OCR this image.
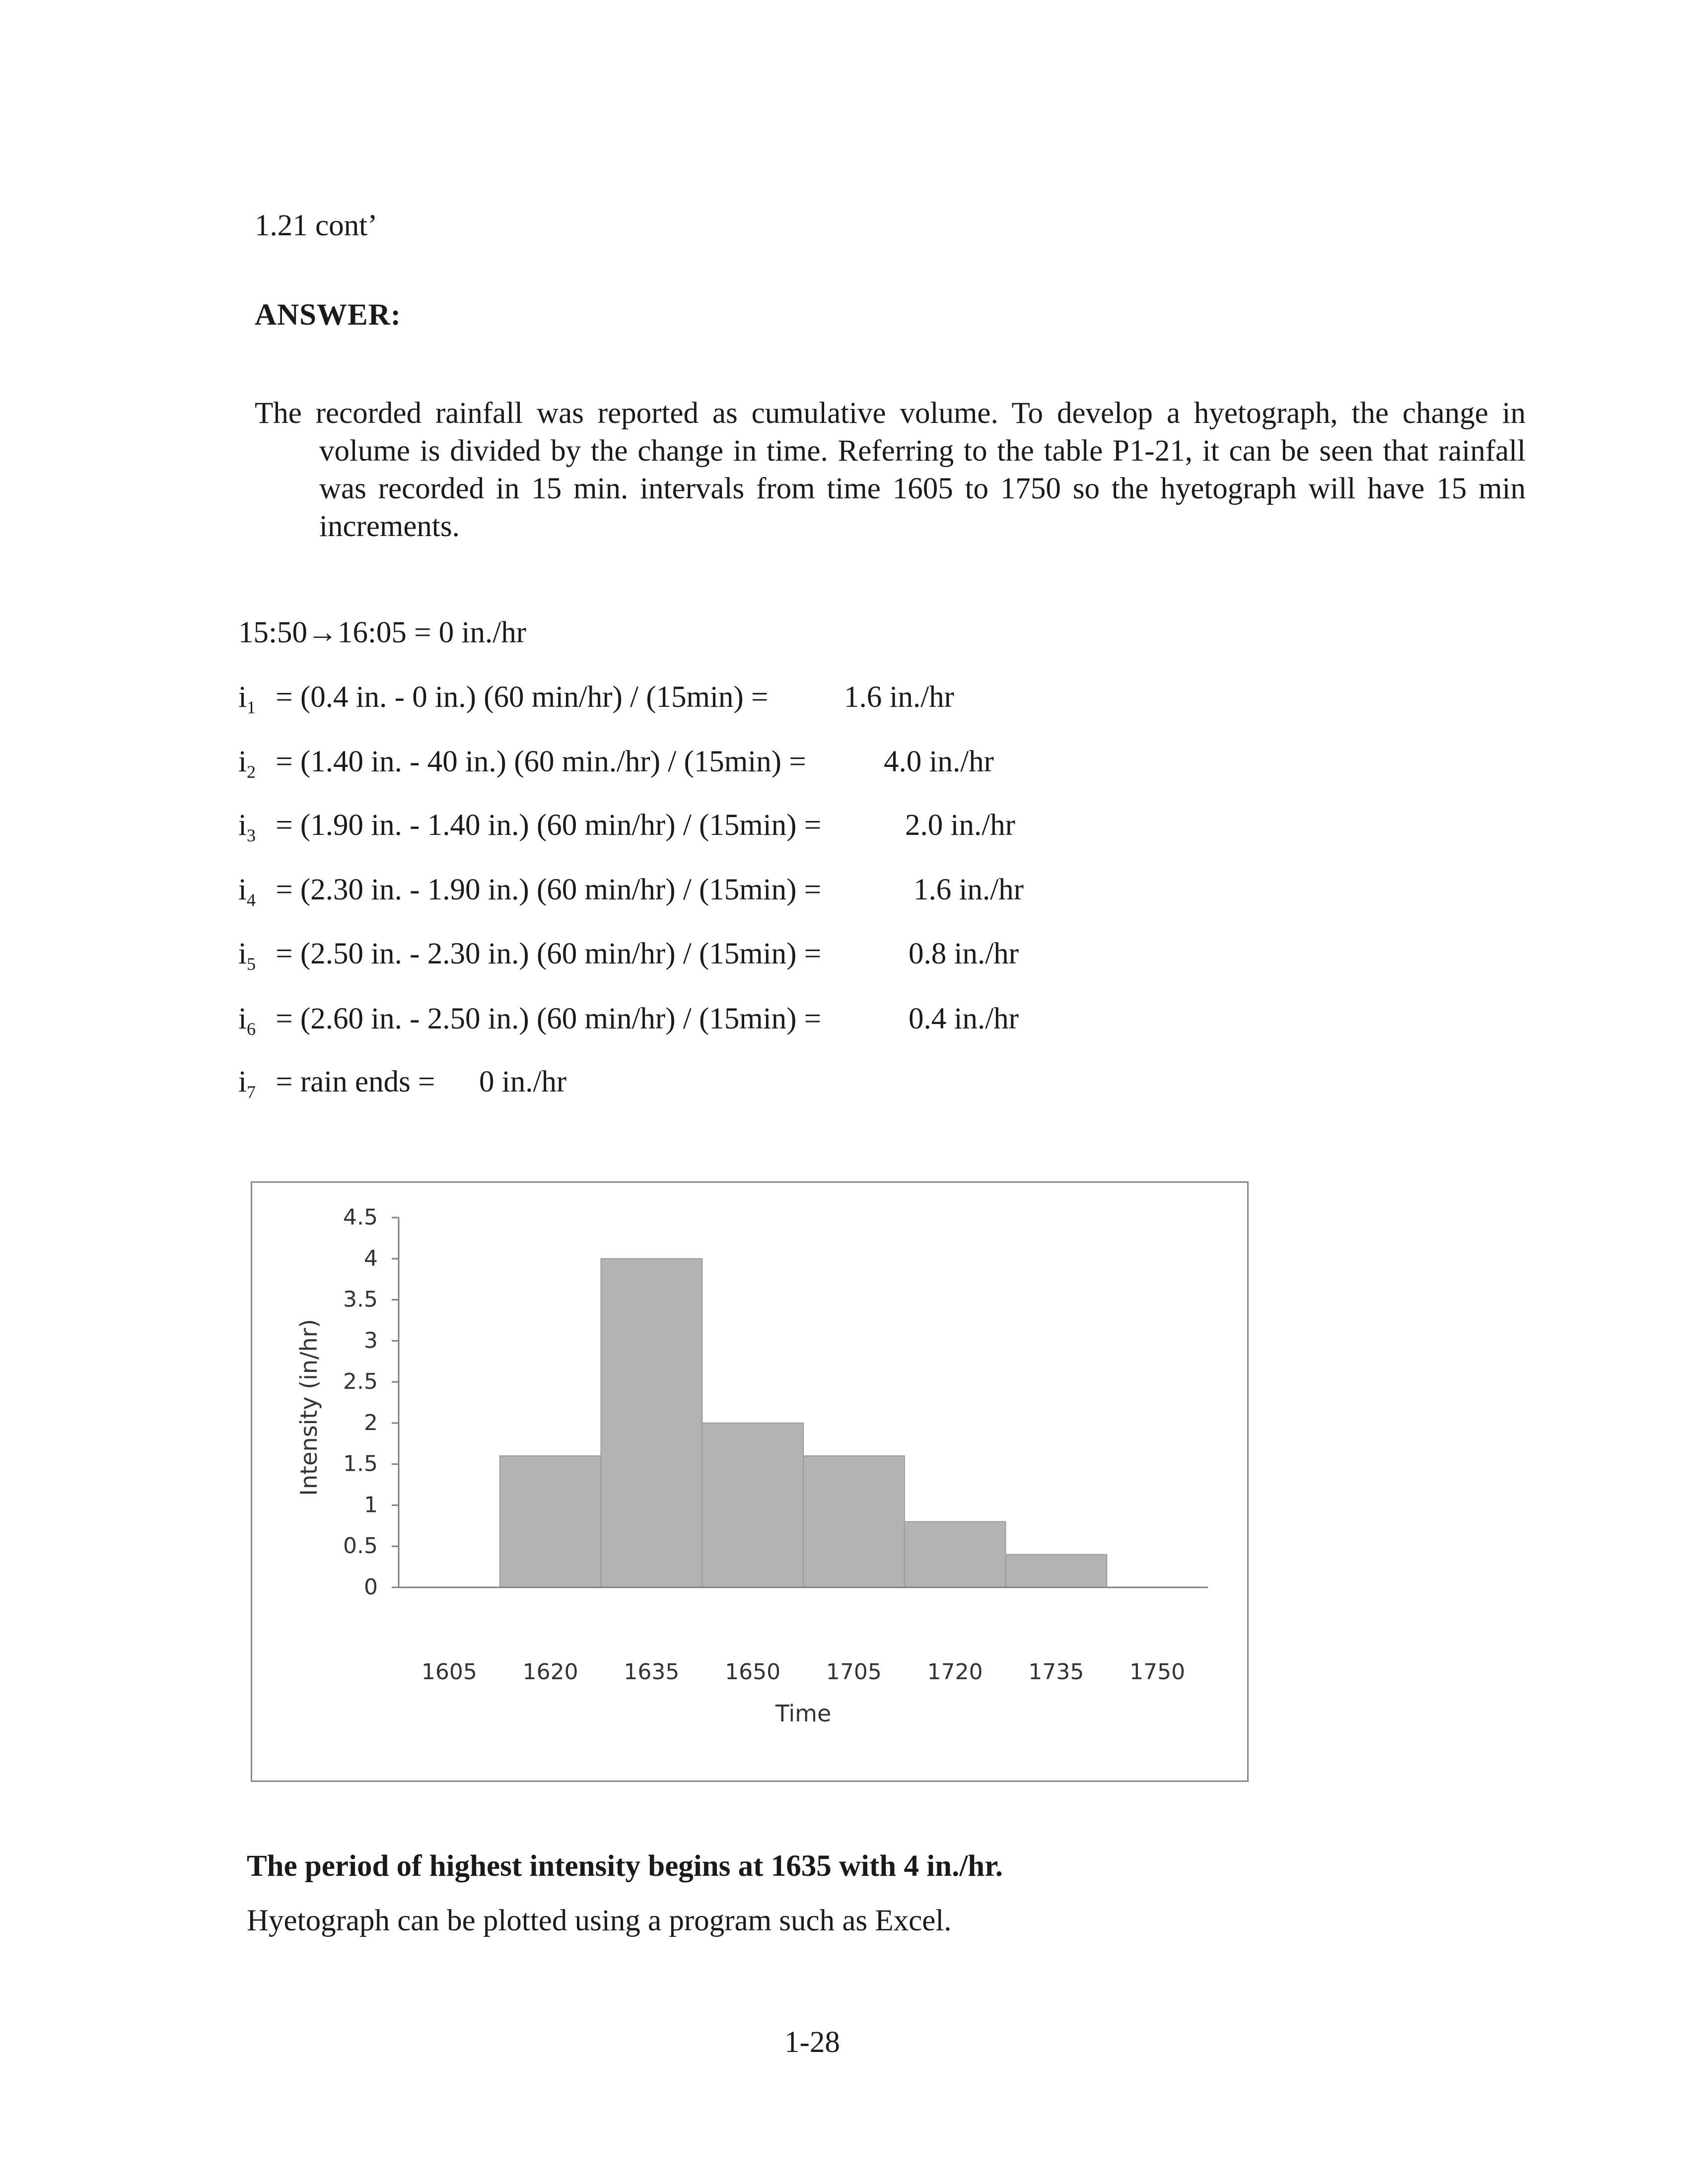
1.21 cont’
ANSWER:
The recorded rainfall was reported as cumulative volume. To develop a hyetograph, the change in volume is divided by the change in time. Referring to the table P1-21, it can be seen that rainfall was recorded in 15 min. intervals from time 1605 to 1750 so the hyetograph will have 15 min increments.
15:50→16:05 = 0 in./hr
$i_1 = (0.4$ in. - 0 in.) (60 min/hr) / (15min) =	1.6 in./hr
$i_2 = (1.40$ in. - 40 in.) (60 min./hr) / (15min) =	4.0 in./hr
$i_3 = (1.90$ in. - 1.40 in.) (60 min/hr) / (15min) =	2.0 in./hr
$i_4 = (2.30$ in. - 1.90 in.) (60 min/hr) / (15min) =	1.6 in./hr
$i_5 = (2.50$ in. - 2.30 in.) (60 min/hr) / (15min) =	0.8 in./hr
$i_6 = (2.60$ in. - 2.50 in.) (60 min/hr) / (15min) =	0.4 in./hr
$i_7$ = rain ends = 0 in./hr
0
0.5
1
1.5
2
2.5
3
3.5
4
4.5
1605 1620 1635 1650 1705 1720 1735 1750
Time
Intensity (in/hr)
The period of highest intensity begins at 1635 with 4 in./hr.
Hyetograph can be plotted using a program such as Excel.
1-28
